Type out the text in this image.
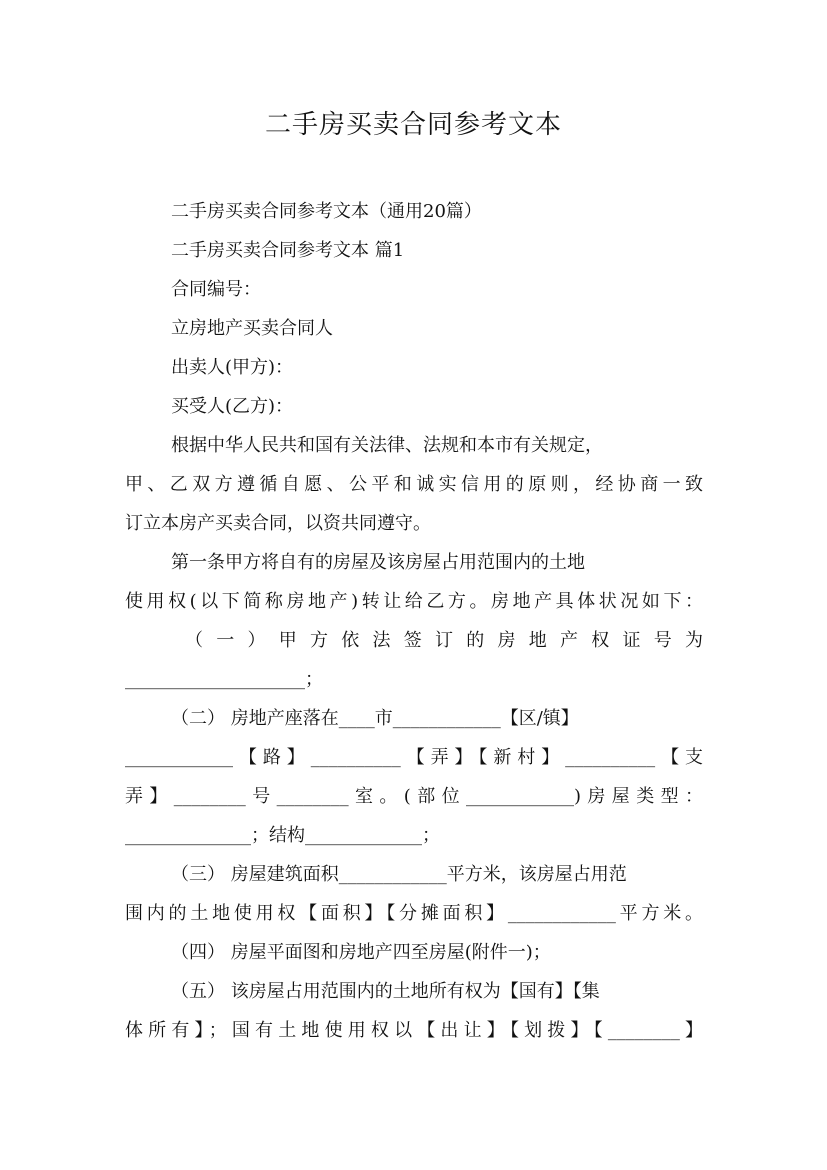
二手房买卖合同参考文本
二手房买卖合同参考文本（通用20篇）
二手房买卖合同参考文本 篇1
合同编号：
立房地产买卖合同人
出卖人(甲方)：
买受人(乙方)：
根据中华人民共和国有关法律、法规和本市有关规定，
甲、乙双方遵循自愿、公平和诚实信用的原则，经协商一致
订立本房产买卖合同，以资共同遵守。
第一条甲方将自有的房屋及该房屋占用范围内的土地
使用权(以下简称房地产)转让给乙方。房地产具体状况如下：
（一）甲方依法签订的房地产权证号为
____________________；
（二） 房地产座落在____市____________【区/镇】
____________【路】__________【弄】【新村】__________【支
弄】________号________室。(部位____________)房屋类型：
______________；结构_____________；
（三） 房屋建筑面积____________平方米，该房屋占用范
围内的土地使用权【面积】【分摊面积】____________平方米。
（四） 房屋平面图和房地产四至房屋(附件一)；
（五） 该房屋占用范围内的土地所有权为【国有】【集
体所有】；国有土地使用权以【出让】【划拨】【________】
